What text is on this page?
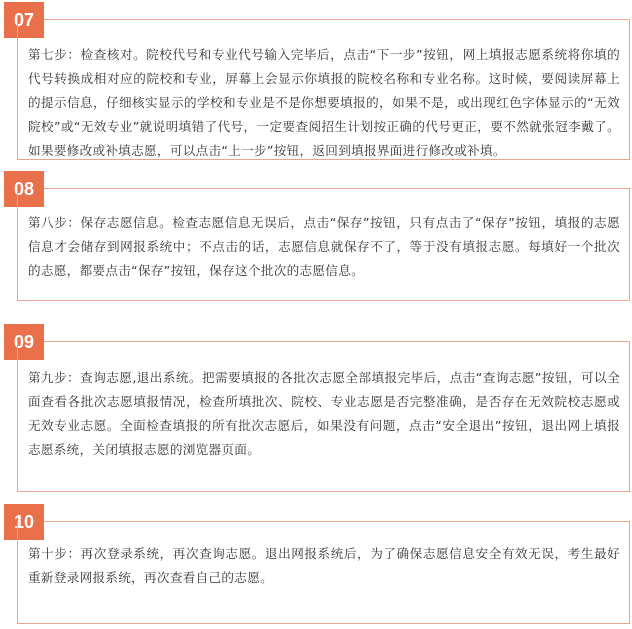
07
第七步：检查核对。院校代号和专业代号输入完毕后，点击“下一步”按钮，网上填报志愿系统将你填的代号转换成相对应的院校和专业，屏幕上会显示你填报的院校名称和专业名称。这时候，要阅读屏幕上的提示信息，仔细核实显示的学校和专业是不是你想要填报的，如果不是，或出现红色字体显示的“无效院校”或“无效专业”就说明填错了代号，一定要查阅招生计划按正确的代号更正，要不然就张冠李戴了。如果要修改或补填志愿，可以点击“上一步”按钮，返回到填报界面进行修改或补填。
08
第八步：保存志愿信息。检查志愿信息无误后，点击“保存”按钮，只有点击了“保存”按钮，填报的志愿信息才会储存到网报系统中；不点击的话，志愿信息就保存不了，等于没有填报志愿。每填好一个批次的志愿，都要点击“保存”按钮，保存这个批次的志愿信息。
09
第九步：查询志愿,退出系统。把需要填报的各批次志愿全部填报完毕后，点击“查询志愿”按钮，可以全面查看各批次志愿填报情况，检查所填批次、院校、专业志愿是否完整准确，是否存在无效院校志愿或无效专业志愿。全面检查填报的所有批次志愿后，如果没有问题，点击“安全退出”按钮，退出网上填报志愿系统，关闭填报志愿的浏览器页面。
10
第十步：再次登录系统，再次查询志愿。退出网报系统后，为了确保志愿信息安全有效无误，考生最好重新登录网报系统，再次查看自己的志愿。
